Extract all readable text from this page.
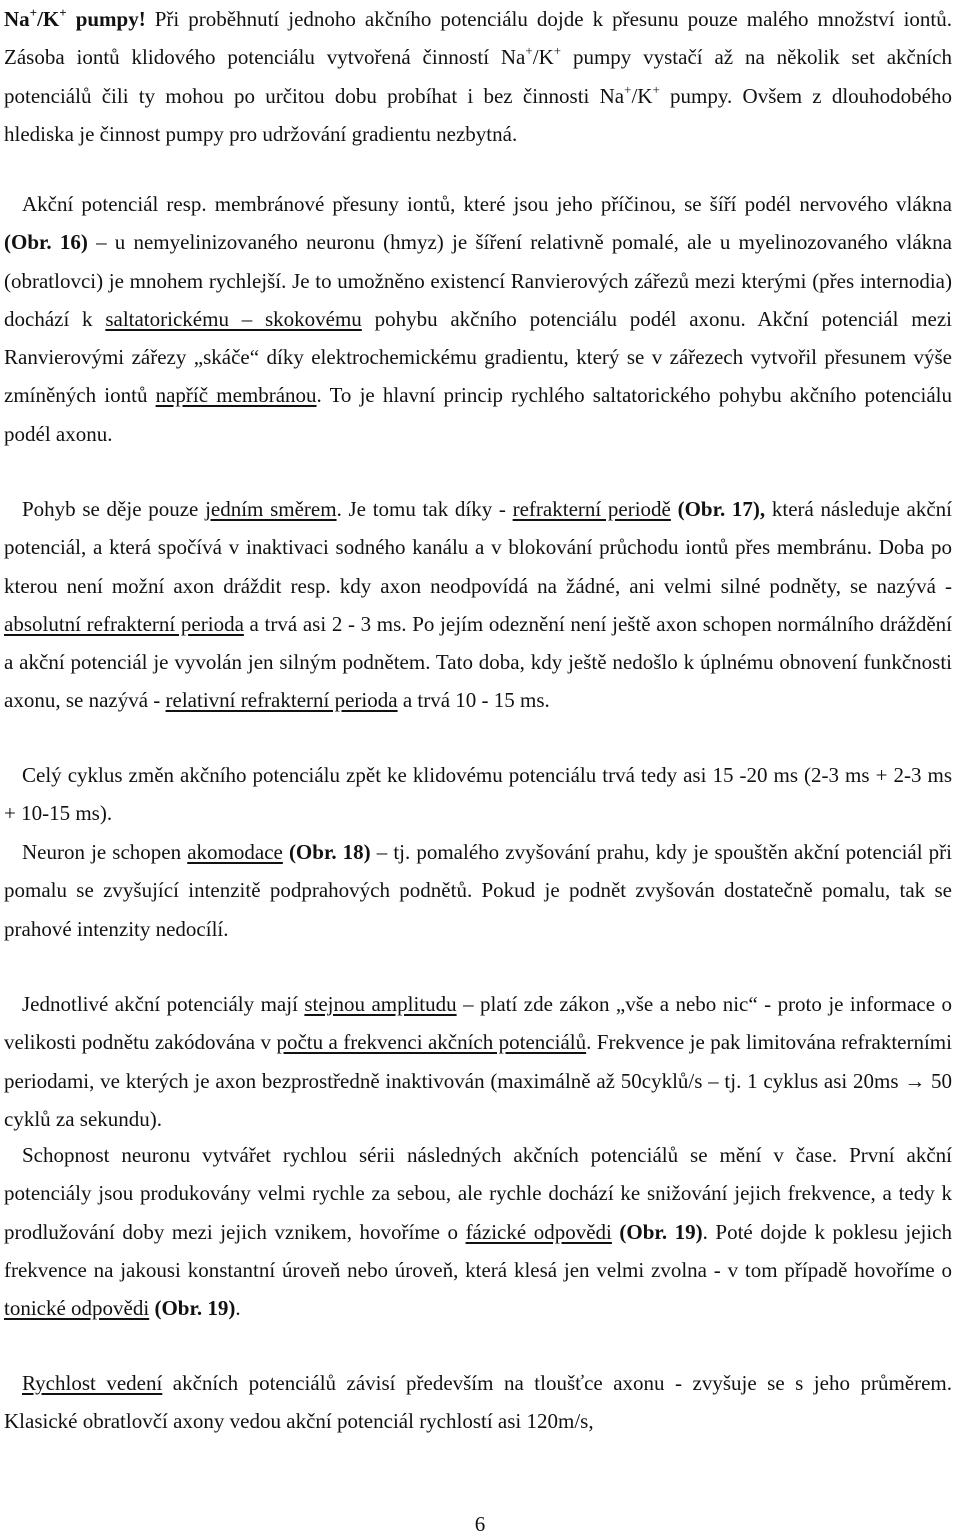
Na+/K+ pumpy! Při proběhnutí jednoho akčního potenciálu dojde k přesunu pouze malého množství iontů. Zásoba iontů klidového potenciálu vytvořená činností Na+/K+ pumpy vystačí až na několik set akčních potenciálů čili ty mohou po určitou dobu probíhat i bez činnosti Na+/K+ pumpy. Ovšem z dlouhodobého hlediska je činnost pumpy pro udržování gradientu nezbytná.

Akční potenciál resp. membránové přesuny iontů, které jsou jeho příčinou, se šíří podél nervového vlákna (Obr. 16) – u nemyelinizovaného neuronu (hmyz) je šíření relativně pomalé, ale u myelinozovaného vlákna (obratlovci) je mnohem rychlejší. Je to umožněno existencí Ranvierových zářezů mezi kterými (přes internodia) dochází k saltatorickému – skokovému pohybu akčního potenciálu podél axonu. Akční potenciál mezi Ranvierovými zářezy „skáče“ díky elektrochemickému gradientu, který se v zářezech vytvořil přesunem výše zmíněných iontů napříč membránou. To je hlavní princip rychlého saltatorického pohybu akčního potenciálu podél axonu.

Pohyb se děje pouze jedním směrem. Je tomu tak díky - refrakterní periodě (Obr. 17), která následuje akční potenciál, a která spočívá v inaktivaci sodného kanálu a v blokování průchodu iontů přes membránu. Doba po kterou není možní axon dráždit resp. kdy axon neodpovídá na žádné, ani velmi silné podněty, se nazývá - absolutní refrakterní perioda a trvá asi 2 - 3 ms. Po jejím odeznění není ještě axon schopen normálního dráždění a akční potenciál je vyvolán jen silným podnětem. Tato doba, kdy ještě nedošlo k úplnému obnovení funkčnosti axonu, se nazývá - relativní refrakterní perioda a trvá 10 - 15 ms.

Celý cyklus změn akčního potenciálu zpět ke klidovému potenciálu trvá tedy asi 15 -20 ms (2-3 ms + 2-3 ms + 10-15 ms).

Neuron je schopen akomodace (Obr. 18) – tj. pomalého zvyšování prahu, kdy je spouštěn akční potenciál při pomalu se zvyšující intenzitě podprahových podnětů. Pokud je podnět zvyšován dostatečně pomalu, tak se prahové intenzity nedocílí.

Jednotlivé akční potenciály mají stejnou amplitudu – platí zde zákon „vše a nebo nic“ - proto je informace o velikosti podnětu zakódována v počtu a frekvenci akčních potenciálů. Frekvence je pak limitována refrakterními periodami, ve kterých je axon bezprostředně inaktivován (maximálně až 50cyklů/s – tj. 1 cyklus asi 20ms → 50 cyklů za sekundu).

Schopnost neuronu vytvářet rychlou sérii následných akčních potenciálů se mění v čase. První akční potenciály jsou produkovány velmi rychle za sebou, ale rychle dochází ke snižování jejich frekvence, a tedy k prodlužování doby mezi jejich vznikem, hovoříme o fázické odpovědi (Obr. 19). Poté dojde k poklesu jejich frekvence na jakousi konstantní úroveň nebo úroveň, která klesá jen velmi zvolna - v tom případě hovoříme o tonické odpovědi (Obr. 19).

Rychlost vedení akčních potenciálů závisí především na tloušťce axonu - zvyšuje se s jeho průměrem. Klasické obratlovčí axony vedou akční potenciál rychlostí asi 120m/s,

6
